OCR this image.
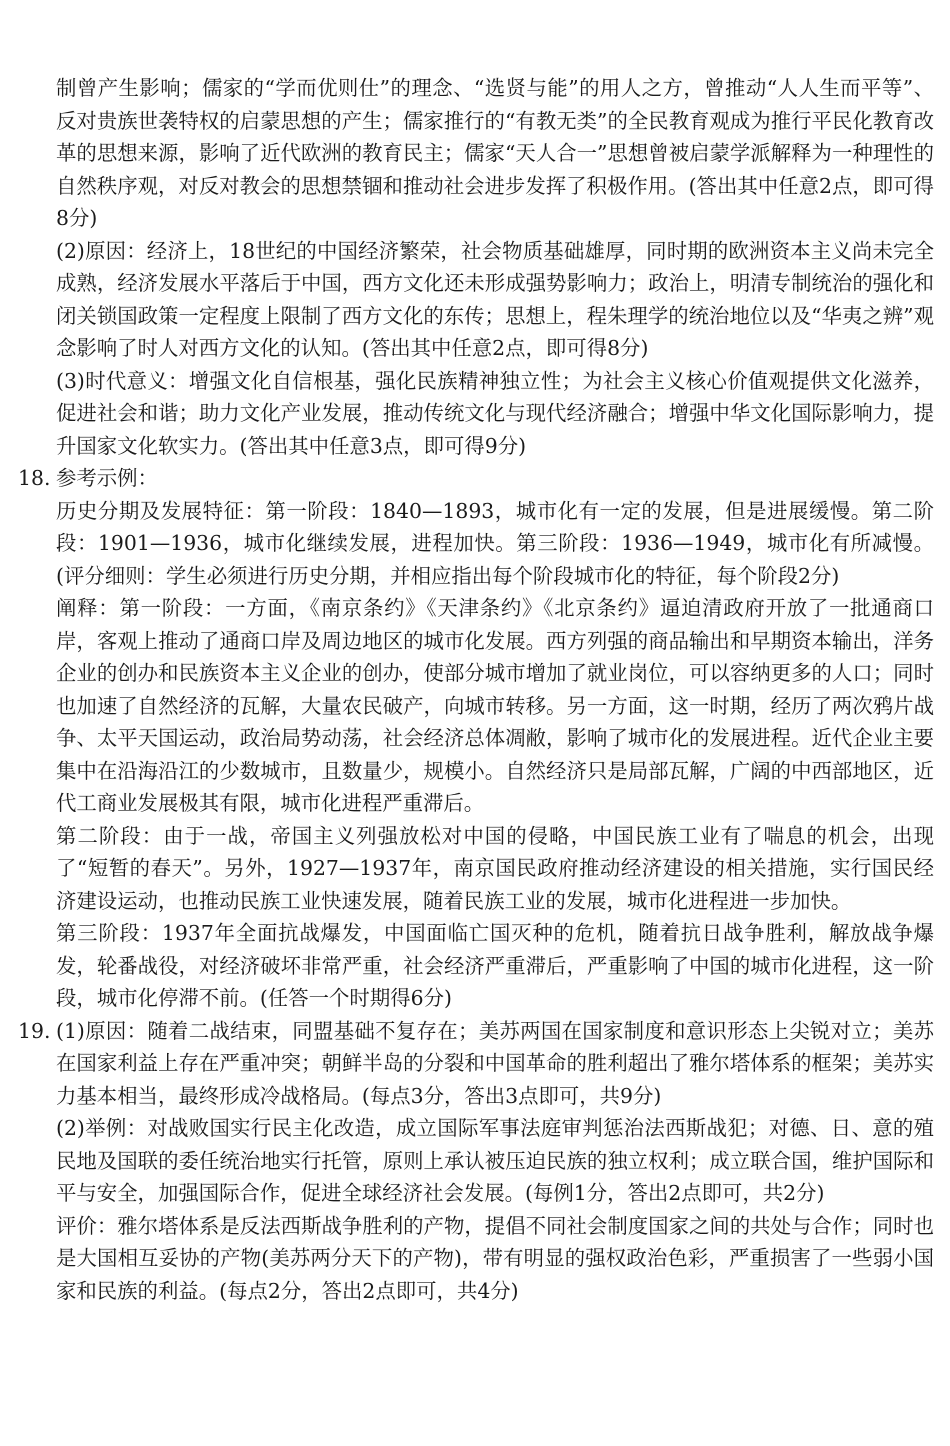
制曾产生影响；儒家的“学而优则仕”的理念、“选贤与能”的用人之方，曾推动“人人生而平等”、反对贵族世袭特权的启蒙思想的产生；儒家推行的“有教无类”的全民教育观成为推行平民化教育改革的思想来源，影响了近代欧洲的教育民主；儒家“天人合一”思想曾被启蒙学派解释为一种理性的自然秩序观，对反对教会的思想禁锢和推动社会进步发挥了积极作用。(答出其中任意2点，即可得8分)

(2)原因：经济上，18世纪的中国经济繁荣，社会物质基础雄厚，同时期的欧洲资本主义尚未完全成熟，经济发展水平落后于中国，西方文化还未形成强势影响力；政治上，明清专制统治的强化和闭关锁国政策一定程度上限制了西方文化的东传；思想上，程朱理学的统治地位以及“华夷之辨”观念影响了时人对西方文化的认知。(答出其中任意2点，即可得8分)

(3)时代意义：增强文化自信根基，强化民族精神独立性；为社会主义核心价值观提供文化滋养，促进社会和谐；助力文化产业发展，推动传统文化与现代经济融合；增强中华文化国际影响力，提升国家文化软实力。(答出其中任意3点，即可得9分)

18. 参考示例：

历史分期及发展特征：第一阶段：1840—1893，城市化有一定的发展，但是进展缓慢。第二阶段：1901—1936，城市化继续发展，进程加快。第三阶段：1936—1949，城市化有所减慢。(评分细则：学生必须进行历史分期，并相应指出每个阶段城市化的特征，每个阶段2分)

阐释：第一阶段：一方面，《南京条约》《天津条约》《北京条约》逼迫清政府开放了一批通商口岸，客观上推动了通商口岸及周边地区的城市化发展。西方列强的商品输出和早期资本输出，洋务企业的创办和民族资本主义企业的创办，使部分城市增加了就业岗位，可以容纳更多的人口；同时也加速了自然经济的瓦解，大量农民破产，向城市转移。另一方面，这一时期，经历了两次鸦片战争、太平天国运动，政治局势动荡，社会经济总体凋敝，影响了城市化的发展进程。近代企业主要集中在沿海沿江的少数城市，且数量少，规模小。自然经济只是局部瓦解，广阔的中西部地区，近代工商业发展极其有限，城市化进程严重滞后。

第二阶段：由于一战，帝国主义列强放松对中国的侵略，中国民族工业有了喘息的机会，出现了“短暂的春天”。另外，1927—1937年，南京国民政府推动经济建设的相关措施，实行国民经济建设运动，也推动民族工业快速发展，随着民族工业的发展，城市化进程进一步加快。

第三阶段：1937年全面抗战爆发，中国面临亡国灭种的危机，随着抗日战争胜利，解放战争爆发，轮番战役，对经济破坏非常严重，社会经济严重滞后，严重影响了中国的城市化进程，这一阶段，城市化停滞不前。(任答一个时期得6分)

19. (1)原因：随着二战结束，同盟基础不复存在；美苏两国在国家制度和意识形态上尖锐对立；美苏在国家利益上存在严重冲突；朝鲜半岛的分裂和中国革命的胜利超出了雅尔塔体系的框架；美苏实力基本相当，最终形成冷战格局。(每点3分，答出3点即可，共9分)

(2)举例：对战败国实行民主化改造，成立国际军事法庭审判惩治法西斯战犯；对德、日、意的殖民地及国联的委任统治地实行托管，原则上承认被压迫民族的独立权利；成立联合国，维护国际和平与安全，加强国际合作，促进全球经济社会发展。(每例1分，答出2点即可，共2分)

评价：雅尔塔体系是反法西斯战争胜利的产物，提倡不同社会制度国家之间的共处与合作；同时也是大国相互妥协的产物(美苏两分天下的产物)，带有明显的强权政治色彩，严重损害了一些弱小国家和民族的利益。(每点2分，答出2点即可，共4分)
